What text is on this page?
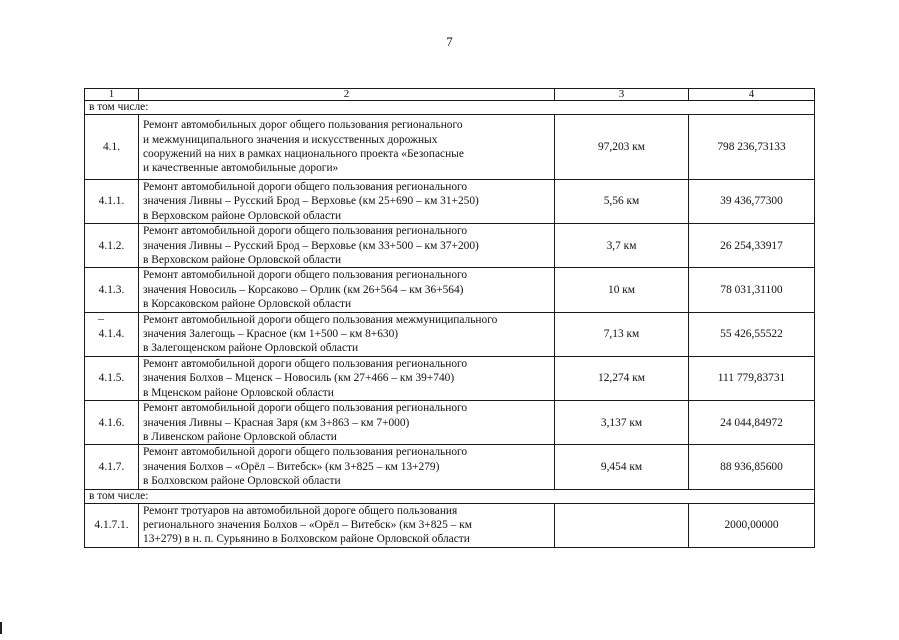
7
1	2	3	4
в том числе:			
4.1.	Ремонт автомобильных дорог общего пользования регионального
и межмуниципального значения и искусственных дорожных
сооружений на них в рамках национального проекта «Безопасные
и качественные автомобильные дороги»	97,203 км	798 236,73133
4.1.1.	Ремонт автомобильной дороги общего пользования регионального
значения Ливны – Русский Брод – Верховье (км 25+690 – км 31+250)
в Верховском районе Орловской области	5,56 км	39 436,77300
4.1.2.	Ремонт автомобильной дороги общего пользования регионального
значения Ливны – Русский Брод – Верховье (км 33+500 – км 37+200)
в Верховском районе Орловской области	3,7 км	26 254,33917
4.1.3.	Ремонт автомобильной дороги общего пользования регионального
значения Новосиль – Корсаково – Орлик (км 26+564 – км 36+564)
в Корсаковском районе Орловской области	10 км	78 031,31100
4.1.4.	Ремонт автомобильной дороги общего пользования межмуниципального
значения Залегощь – Красное (км 1+500 – км 8+630)
в Залегощенском районе Орловской области	7,13 км	55 426,55522
4.1.5.	Ремонт автомобильной дороги общего пользования регионального
значения Болхов – Мценск – Новосиль (км 27+466 – км 39+740)
в Мценском районе Орловской области	12,274 км	111 779,83731
4.1.6.	Ремонт автомобильной дороги общего пользования регионального
значения Ливны – Красная Заря (км 3+863 – км 7+000)
в Ливенском районе Орловской области	3,137 км	24 044,84972
4.1.7.	Ремонт автомобильной дороги общего пользования регионального
значения Болхов – «Орёл – Витебск» (км 3+825 – км 13+279)
в Болховском районе Орловской области	9,454 км	88 936,85600
в том числе:			
4.1.7.1.	Ремонт тротуаров на автомобильной дороге общего пользования
регионального значения Болхов – «Орёл – Витебск» (км 3+825 – км
13+279) в н. п. Сурьянино в Болховском районе Орловской области		2000,00000
